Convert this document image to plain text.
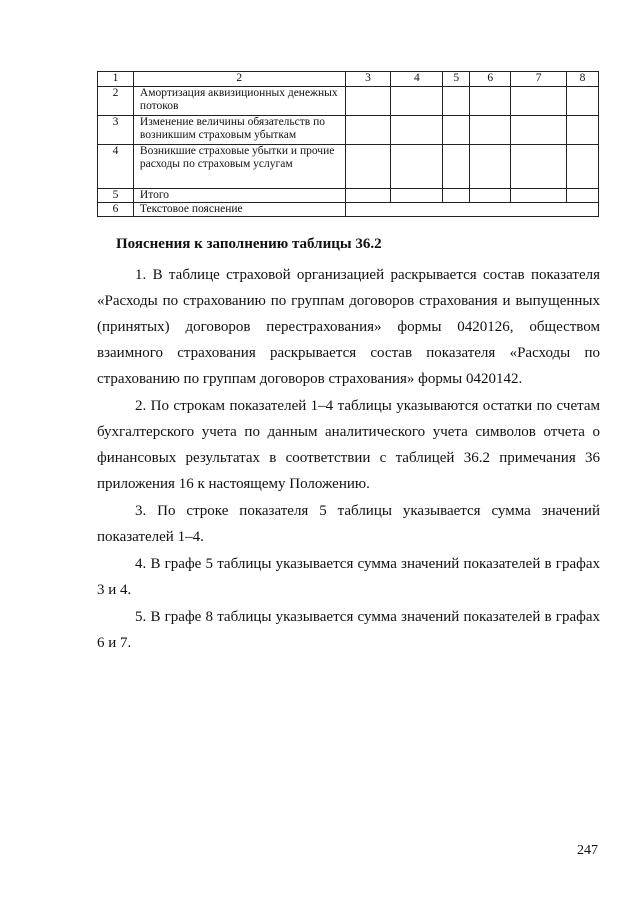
1	2	3	4	5	6	7	8
2	Амортизация аквизиционных денежных потоков						
3	Изменение величины обязательств по возникшим страховым убыткам						
4	Возникшие страховые убытки и прочие расходы по страховым услугам						
5	Итого						
6	Текстовое пояснение						
Пояснения к заполнению таблицы 36.2

1. В таблице страховой организацией раскрывается состав показателя «Расходы по страхованию по группам договоров страхования и выпущенных (принятых) договоров перестрахования» формы 0420126, обществом взаимного страхования раскрывается состав показателя «Расходы по страхованию по группам договоров страхования» формы 0420142.

2. По строкам показателей 1–4 таблицы указываются остатки по счетам бухгалтерского учета по данным аналитического учета символов отчета о финансовых результатах в соответствии с таблицей 36.2 примечания 36 приложения 16 к настоящему Положению.

3. По строке показателя 5 таблицы указывается сумма значений показателей 1–4.

4. В графе 5 таблицы указывается сумма значений показателей в графах 3 и 4.

5. В графе 8 таблицы указывается сумма значений показателей в графах 6 и 7.

247
